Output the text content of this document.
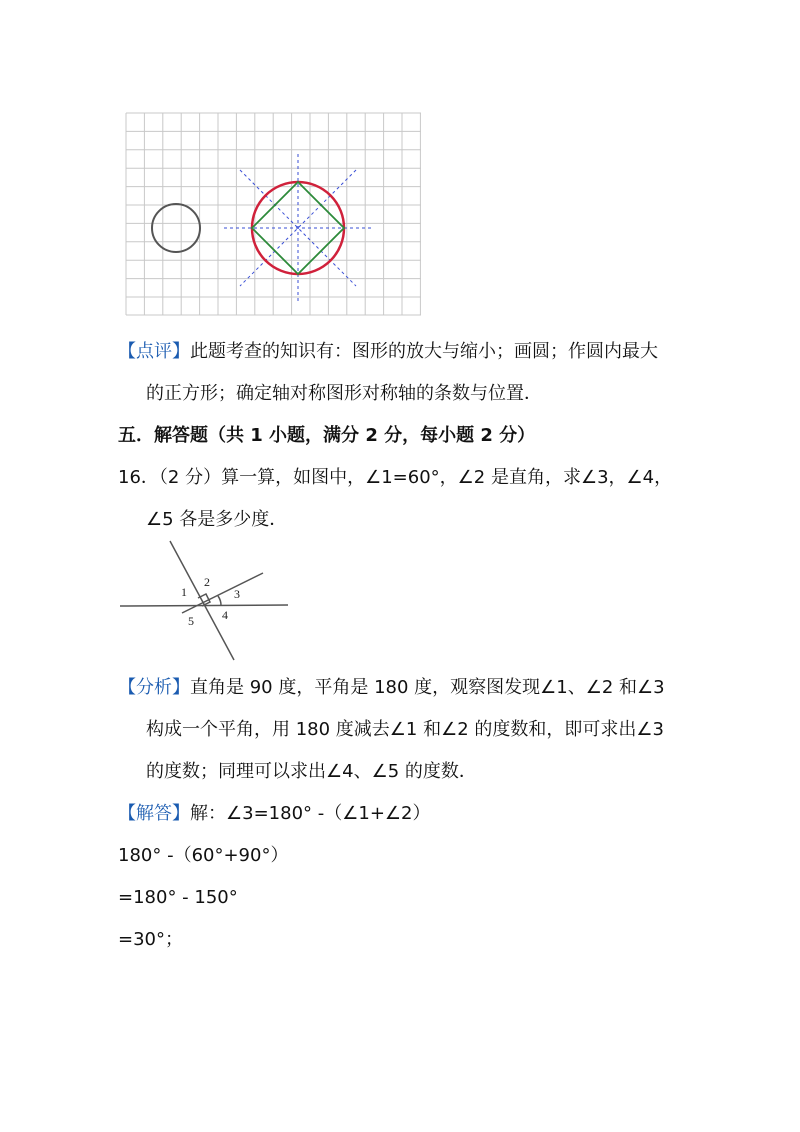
【点评】此题考查的知识有：图形的放大与缩小；画圆；作圆内最大
的正方形；确定轴对称图形对称轴的条数与位置．
五．解答题（共 1 小题，满分 2 分，每小题 2 分）
16．（2 分）算一算，如图中，∠1=60°，∠2 是直角，求∠3，∠4，
∠5 各是多少度．
1
2
3
4
5
【分析】直角是 90 度，平角是 180 度，观察图发现∠1、∠2 和∠3
构成一个平角，用 180 度减去∠1 和∠2 的度数和，即可求出∠3
的度数；同理可以求出∠4、∠5 的度数．
【解答】解：∠3=180° -（∠1+∠2）
180° -（60°+90°）
=180° - 150°
=30°；
